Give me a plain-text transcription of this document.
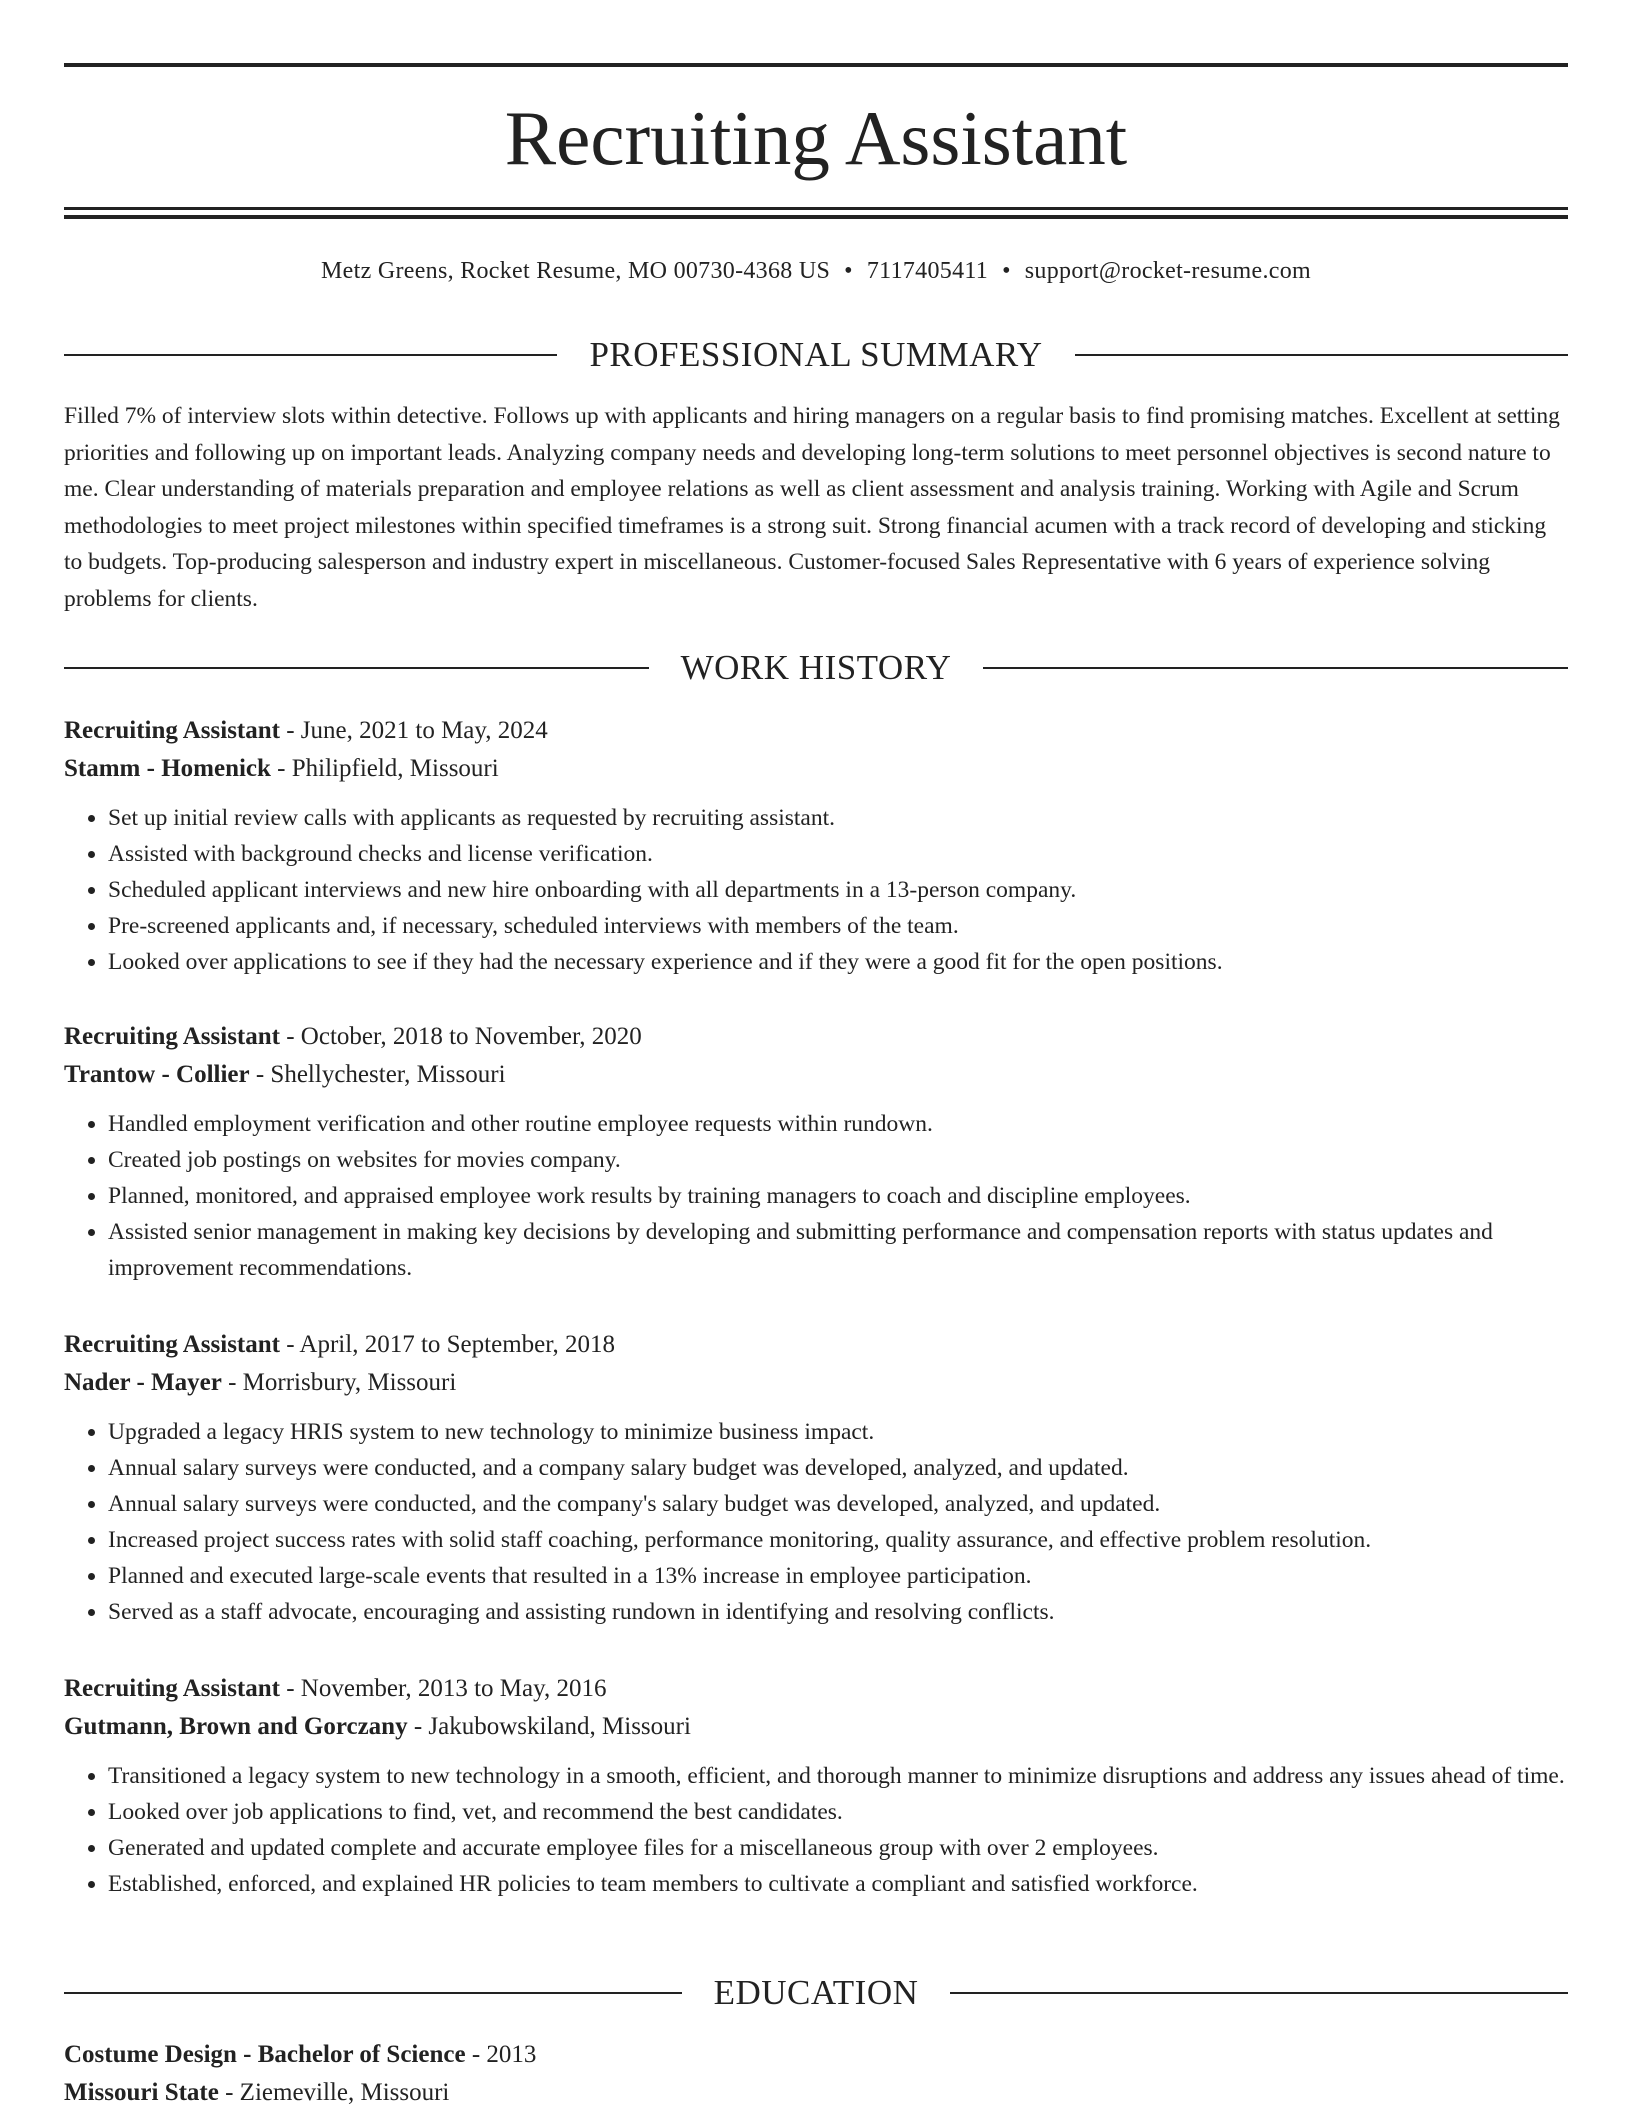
Recruiting Assistant
Metz Greens, Rocket Resume, MO 00730-4368 US • 7117405411 • support@rocket-resume.com
PROFESSIONAL SUMMARY

Filled 7% of interview slots within detective. Follows up with applicants and hiring managers on a regular basis to find promising matches. Excellent at setting priorities and following up on important leads. Analyzing company needs and developing long-term solutions to meet personnel objectives is second nature to me. Clear understanding of materials preparation and employee relations as well as client assessment and analysis training. Working with Agile and Scrum methodologies to meet project milestones within specified timeframes is a strong suit. Strong financial acumen with a track record of developing and sticking to budgets. Top-producing salesperson and industry expert in miscellaneous. Customer-focused Sales Representative with 6 years of experience solving problems for clients.

WORK HISTORY
Recruiting Assistant - June, 2021 to May, 2024
Stamm - Homenick - Philipfield, Missouri
• Set up initial review calls with applicants as requested by recruiting assistant.
• Assisted with background checks and license verification.
• Scheduled applicant interviews and new hire onboarding with all departments in a 13-person company.
• Pre-screened applicants and, if necessary, scheduled interviews with members of the team.
• Looked over applications to see if they had the necessary experience and if they were a good fit for the open positions.
Recruiting Assistant - October, 2018 to November, 2020
Trantow - Collier - Shellychester, Missouri
• Handled employment verification and other routine employee requests within rundown.
• Created job postings on websites for movies company.
• Planned, monitored, and appraised employee work results by training managers to coach and discipline employees.
• Assisted senior management in making key decisions by developing and submitting performance and compensation reports with status updates and improvement recommendations.
Recruiting Assistant - April, 2017 to September, 2018
Nader - Mayer - Morrisbury, Missouri
• Upgraded a legacy HRIS system to new technology to minimize business impact.
• Annual salary surveys were conducted, and a company salary budget was developed, analyzed, and updated.
• Annual salary surveys were conducted, and the company's salary budget was developed, analyzed, and updated.
• Increased project success rates with solid staff coaching, performance monitoring, quality assurance, and effective problem resolution.
• Planned and executed large-scale events that resulted in a 13% increase in employee participation.
• Served as a staff advocate, encouraging and assisting rundown in identifying and resolving conflicts.
Recruiting Assistant - November, 2013 to May, 2016
Gutmann, Brown and Gorczany - Jakubowskiland, Missouri
• Transitioned a legacy system to new technology in a smooth, efficient, and thorough manner to minimize disruptions and address any issues ahead of time.
• Looked over job applications to find, vet, and recommend the best candidates.
• Generated and updated complete and accurate employee files for a miscellaneous group with over 2 employees.
• Established, enforced, and explained HR policies to team members to cultivate a compliant and satisfied workforce.
EDUCATION
Costume Design - Bachelor of Science - 2013
Missouri State - Ziemeville, Missouri
